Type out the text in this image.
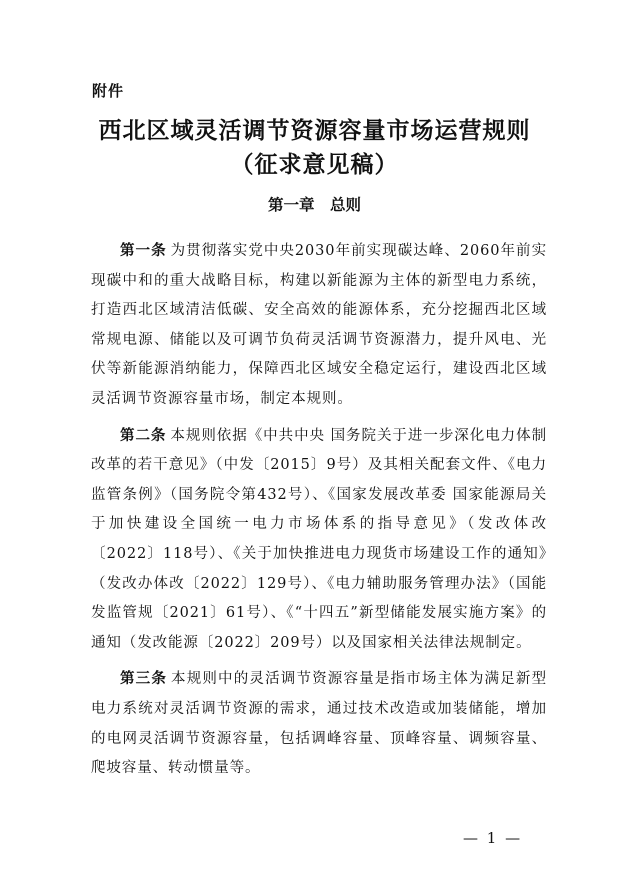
附件
西北区域灵活调节资源容量市场运营规则
（征求意见稿）
第一章　总则

第一条 为贯彻落实党中央2030年前实现碳达峰、2060年前实现碳中和的重大战略目标，构建以新能源为主体的新型电力系统，打造西北区域清洁低碳、安全高效的能源体系，充分挖掘西北区域常规电源、储能以及可调节负荷灵活调节资源潜力，提升风电、光伏等新能源消纳能力，保障西北区域安全稳定运行，建设西北区域灵活调节资源容量市场，制定本规则。

第二条 本规则依据《中共中央 国务院关于进一步深化电力体制改革的若干意见》（中发〔2015〕9号）及其相关配套文件、《电力监管条例》（国务院令第432号）、《国家发展改革委 国家能源局关于加快建设全国统一电力市场体系的指导意见》（发改体改〔2022〕118号）、《关于加快推进电力现货市场建设工作的通知》（发改办体改〔2022〕129号）、《电力辅助服务管理办法》（国能发监管规〔2021〕61号）、《“十四五”新型储能发展实施方案》的通知（发改能源〔2022〕209号）以及国家相关法律法规制定。

第三条 本规则中的灵活调节资源容量是指市场主体为满足新型电力系统对灵活调节资源的需求，通过技术改造或加装储能，增加的电网灵活调节资源容量，包括调峰容量、顶峰容量、调频容量、爬坡容量、转动惯量等。

— 1 —
